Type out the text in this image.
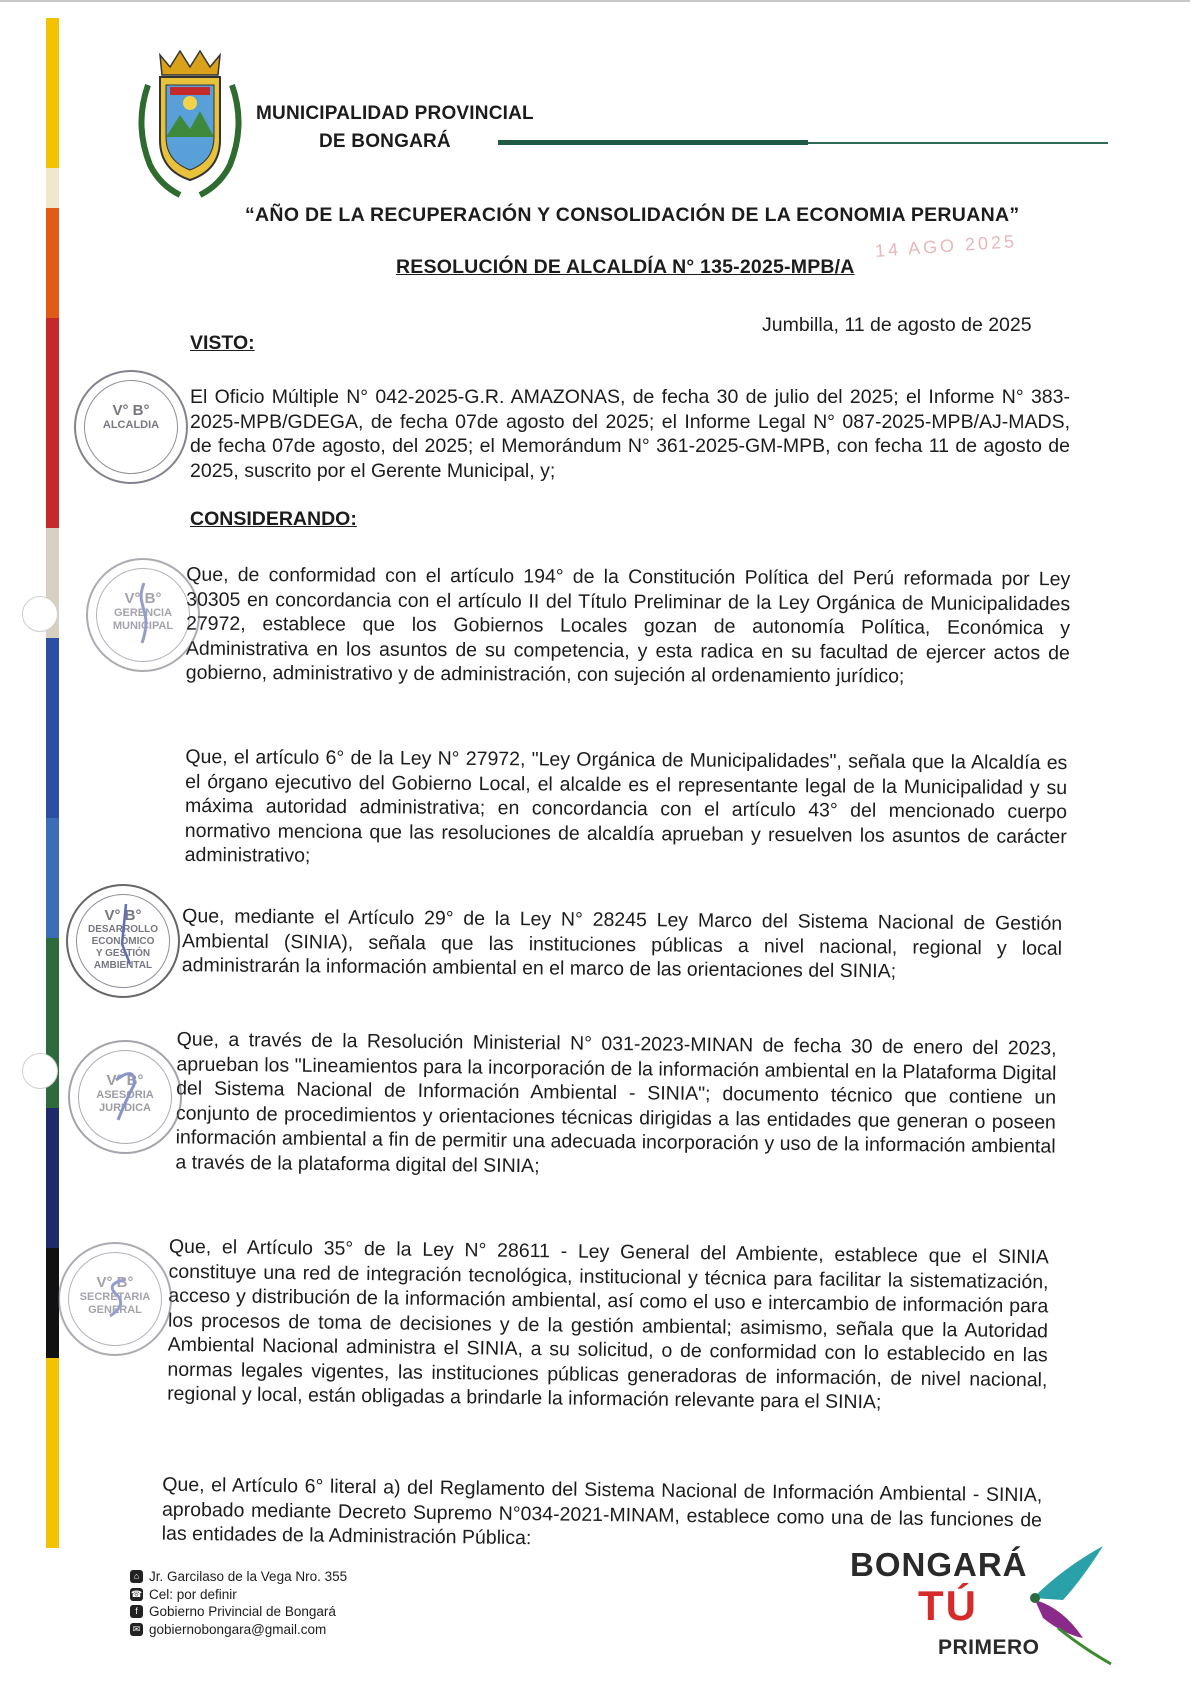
MUNICIPALIDAD PROVINCIAL
DE BONGARÁ
“AÑO DE LA RECUPERACIÓN Y CONSOLIDACIÓN DE LA ECONOMIA PERUANA”
14 AGO 2025
RESOLUCIÓN DE ALCALDÍA N° 135-2025-MPB/A
Jumbilla, 11 de agosto de 2025
VISTO:

El Oficio Múltiple N° 042-2025-G.R. AMAZONAS, de fecha 30 de julio del 2025; el Informe N° 383-2025-MPB/GDEGA, de fecha 07de agosto del 2025; el Informe Legal N° 087-2025-MPB/AJ-MADS, de fecha 07de agosto, del 2025; el Memorándum N° 361-2025-GM-MPB, con fecha 11 de agosto de 2025, suscrito por el Gerente Municipal, y;

CONSIDERANDO:

Que, de conformidad con el artículo 194° de la Constitución Política del Perú reformada por Ley 30305 en concordancia con el artículo II del Título Preliminar de la Ley Orgánica de Municipalidades 27972, establece que los Gobiernos Locales gozan de autonomía Política, Económica y Administrativa en los asuntos de su competencia, y esta radica en su facultad de ejercer actos de gobierno, administrativo y de administración, con sujeción al ordenamiento jurídico;

Que, el artículo 6° de la Ley N° 27972, "Ley Orgánica de Municipalidades", señala que la Alcaldía es el órgano ejecutivo del Gobierno Local, el alcalde es el representante legal de la Municipalidad y su máxima autoridad administrativa; en concordancia con el artículo 43° del mencionado cuerpo normativo menciona que las resoluciones de alcaldía aprueban y resuelven los asuntos de carácter administrativo;

Que, mediante el Artículo 29° de la Ley N° 28245 Ley Marco del Sistema Nacional de Gestión Ambiental (SINIA), señala que las instituciones públicas a nivel nacional, regional y local administrarán la información ambiental en el marco de las orientaciones del SINIA;

Que, a través de la Resolución Ministerial N° 031-2023-MINAN de fecha 30 de enero del 2023, aprueban los "Lineamientos para la incorporación de la información ambiental en la Plataforma Digital del Sistema Nacional de Información Ambiental - SINIA"; documento técnico que contiene un conjunto de procedimientos y orientaciones técnicas dirigidas a las entidades que generan o poseen información ambiental a fin de permitir una adecuada incorporación y uso de la información ambiental a través de la plataforma digital del SINIA;

Que, el Artículo 35° de la Ley N° 28611 - Ley General del Ambiente, establece que el SINIA constituye una red de integración tecnológica, institucional y técnica para facilitar la sistematización, acceso y distribución de la información ambiental, así como el uso e intercambio de información para los procesos de toma de decisiones y de la gestión ambiental; asimismo, señala que la Autoridad Ambiental Nacional administra el SINIA, a su solicitud, o de conformidad con lo establecido en las normas legales vigentes, las instituciones públicas generadoras de información, de nivel nacional, regional y local, están obligadas a brindarle la información relevante para el SINIA;

Que, el Artículo 6° literal a) del Reglamento del Sistema Nacional de Información Ambiental - SINIA, aprobado mediante Decreto Supremo N°034-2021-MINAM, establece como una de las funciones de las entidades de la Administración Pública:

V° B°
ALCALDIA
V° B°
GERENCIA
MUNICIPAL
V° B°
DESARROLLO
ECONÓMICO
Y GESTIÓN
AMBIENTAL
V° B°
ASESORIA
JURIDICA
V° B°
SECRETARIA
GENERAL
⌂ Jr. Garcilaso de la Vega Nro. 355
☎ Cel: por definir
f Gobierno Privincial de Bongará
✉ gobiernobongara@gmail.com
BONGARÁ
TÚ
PRIMERO
